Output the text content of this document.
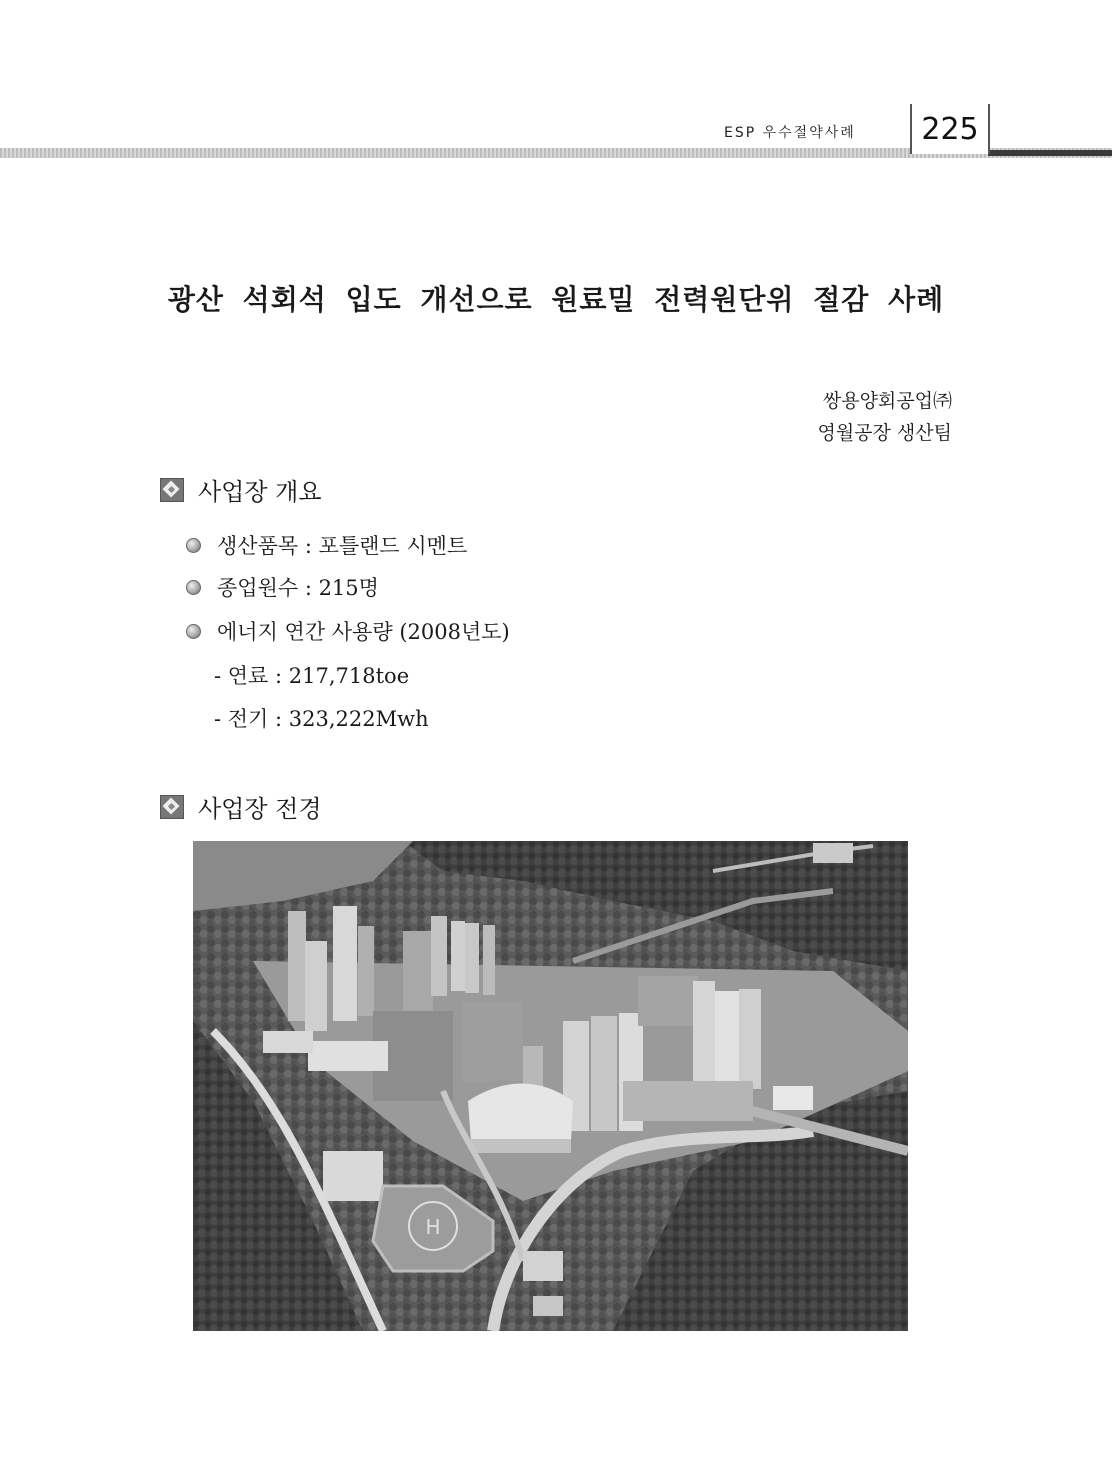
ESP 우수절약사례	225
광산 석회석 입도 개선으로 원료밀 전력원단위 절감 사례
쌍용양회공업㈜
영월공장 생산팀
사업장 개요
생산품목 : 포틀랜드 시멘트
종업원수 : 215명
에너지 연간 사용량 (2008년도)
- 연료 : 217,718toe
- 전기 : 323,222Mwh
사업장 전경
H
